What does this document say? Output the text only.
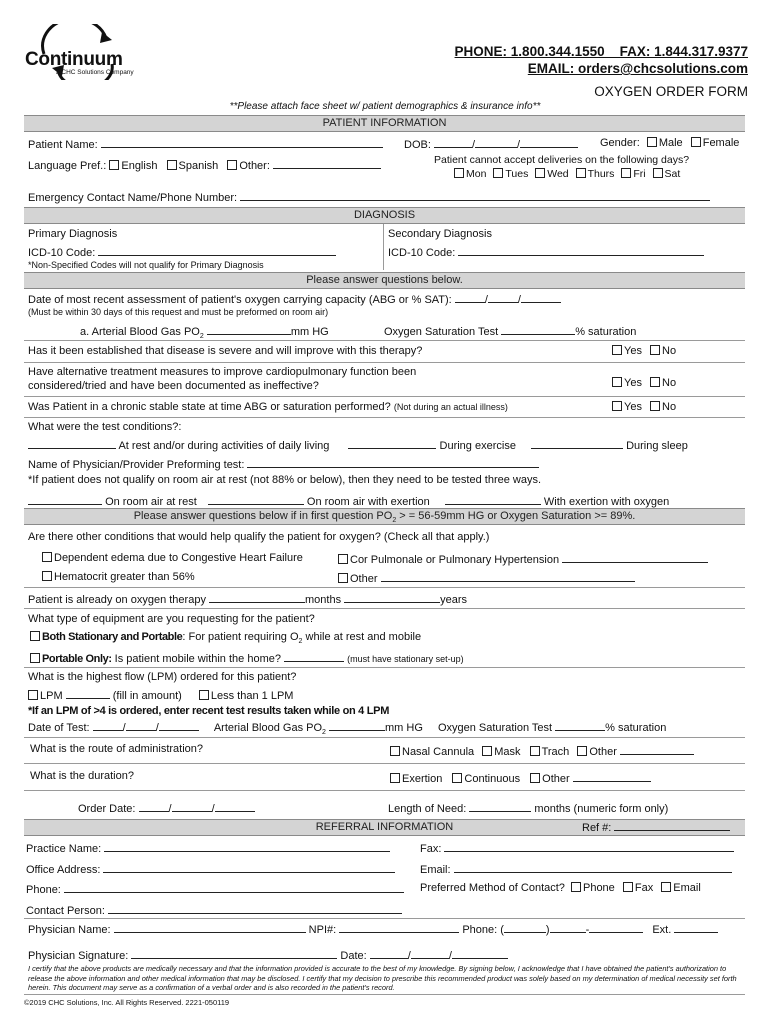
Continuum
a CHC Solutions Company
PHONE: 1.800.344.1550    FAX: 1.844.317.9377
EMAIL: orders@chcsolutions.com
OXYGEN ORDER FORM
**Please attach face sheet w/ patient demographics & insurance info**
PATIENT INFORMATION
Patient Name:	DOB:	/	/	Gender: Male Female
Language Pref.: English Spanish Other:	Patient cannot accept deliveries on the following days?
Mon Tues Wed Thurs Fri Sat
Emergency Contact Name/Phone Number:
DIAGNOSIS
Primary Diagnosis
ICD-10 Code:
*Non-Specified Codes will not qualify for Primary Diagnosis
Secondary Diagnosis
ICD-10 Code:
Please answer questions below.
Date of most recent assessment of patient's oxygen carrying capacity (ABG or % SAT):	/	/
(Must be within 30 days of this request and must be preformed on room air)
a. Arterial Blood Gas $PO_2$	mm HG	Oxygen Saturation Test	% saturation
Has it been established that disease is severe and will improve with this therapy?	Yes No
Have alternative treatment measures to improve cardiopulmonary function been
considered/tried and have been documented as ineffective?	Yes No
Was Patient in a chronic stable state at time ABG or saturation performed? (Not during an actual illness)	Yes No
What were the test conditions?:
At rest and/or during activities of daily living	During exercise	During sleep
Name of Physician/Provider Preforming test:
*If patient does not qualify on room air at rest (not 88% or below), then they need to be tested three ways.
On room air at rest	On room air with exertion	With exertion with oxygen
Please answer questions below if in first question $PO_2$ > = 56-59mm HG or Oxygen Saturation >= 89%.
Are there other conditions that would help qualify the patient for oxygen? (Check all that apply.)
Dependent edema due to Congestive Heart Failure	Cor Pulmonale or Pulmonary Hypertension
Hematocrit greater than 56%	Other
Patient is already on oxygen therapy	months	years
What type of equipment are you requesting for the patient?
Both Stationary and Portable: For patient requiring $O_2$ while at rest and mobile
Portable Only: Is patient mobile within the home?	(must have stationary set-up)
What is the highest flow (LPM) ordered for this patient?
LPM	(fill in amount)	Less than 1 LPM
*If an LPM of >4 is ordered, enter recent test results taken while on 4 LPM
Date of Test:	/	/	Arterial Blood Gas $PO_2$	mm HG Oxygen Saturation Test	% saturation
What is the route of administration?	Nasal Cannula Mask Trach Other
What is the duration?	Exertion Continuous Other
Order Date:	/	/	Length of Need:	months (numeric form only)
REFERRAL INFORMATION	Ref #:
Practice Name:	Fax:
Office Address:	Email:
Phone:	Preferred Method of Contact? Phone Fax Email
Contact Person:
Physician Name:	NPI#:	Phone: (	)	-	Ext.
Physician Signature:	Date:	/	/
I certify that the above products are medically necessary and that the information provided is accurate to the best of my knowledge. By signing below, I acknowledge that I have obtained the patient's authorization to release the above information and other medical information that may be disclosed. I certify that my decision to prescribe this recommended product was solely based on my determination of medical necessity set forth herein. This document may serve as a confirmation of a verbal order and is also recorded in the patient's record.
©2019 CHC Solutions, Inc. All Rights Reserved. 2221-050119
